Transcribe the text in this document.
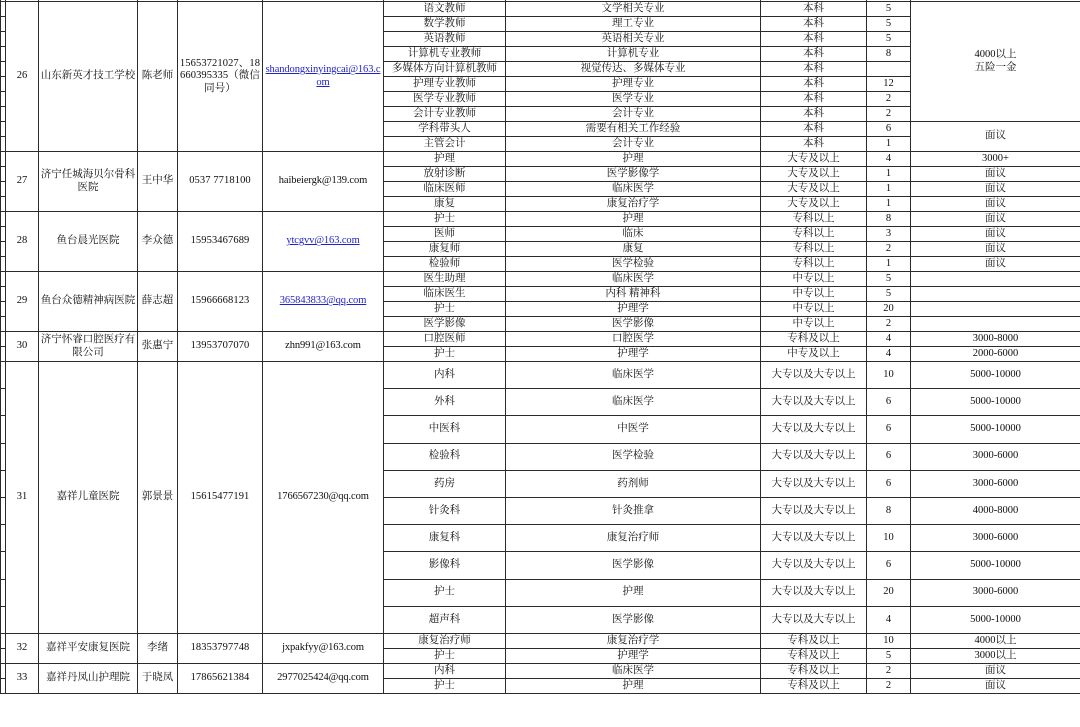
	26	山东新英才技工学校	陈老师	15653721027、18660395335（微信同号）	shandongxinyingcai@163.com	语文教师	文学相关专业	本科	5	4000以上
五险一金
						数学教师	理工专业	本科	5	
						英语教师	英语相关专业	本科	5	
						计算机专业教师	计算机专业	本科	8	
						多媒体方向计算机教师	视觉传达、多媒体专业	本科		
						护理专业教师	护理专业	本科	12	
						医学专业教师	医学专业	本科	2	
						会计专业教师	会计专业	本科	2	
						学科带头人	需要有相关工作经验	本科	6	面议
						主管会计	会计专业	本科	1	
	27	济宁任城海贝尔骨科医院	王中华	0537 7718100	haibeiergk@139.com	护理	护理	大专及以上	4	3000+
						放射诊断	医学影像学	大专及以上	1	面议
						临床医师	临床医学	大专及以上	1	面议
						康复	康复治疗学	大专及以上	1	面议
	28	鱼台晨光医院	李众德	15953467689	ytcgvv@163.com	护士	护理	专科以上	8	面议
						医师	临床	专科以上	3	面议
						康复师	康复	专科以上	2	面议
						检验师	医学检验	专科以上	1	面议
	29	鱼台众德精神病医院	薛志超	15966668123	365843833@qq.com	医生助理	临床医学	中专以上	5	
						临床医生	内科 精神科	中专以上	5	
						护士	护理学	中专以上	20	
						医学影像	医学影像	中专以上	2	
	30	济宁怀睿口腔医疗有限公司	张惠宁	13953707070	zhn991@163.com	口腔医师	口腔医学	专科及以上	4	3000-8000
						护士	护理学	中专及以上	4	2000-6000
	31	嘉祥儿童医院	郭景景	15615477191	1766567230@qq.com	内科	临床医学	大专以及大专以上	10	5000-10000
						外科	临床医学	大专以及大专以上	6	5000-10000
						中医科	中医学	大专以及大专以上	6	5000-10000
						检验科	医学检验	大专以及大专以上	6	3000-6000
						药房	药剂师	大专以及大专以上	6	3000-6000
						针灸科	针灸推拿	大专以及大专以上	8	4000-8000
						康复科	康复治疗师	大专以及大专以上	10	3000-6000
						影像科	医学影像	大专以及大专以上	6	5000-10000
						护士	护理	大专以及大专以上	20	3000-6000
						超声科	医学影像	大专以及大专以上	4	5000-10000
	32	嘉祥平安康复医院	李绪	18353797748	jxpakfyy@163.com	康复治疗师	康复治疗学	专科及以上	10	4000以上
						护士	护理学	专科及以上	5	3000以上
	33	嘉祥丹凤山护理院	于晓凤	17865621384	2977025424@qq.com	内科	临床医学	专科及以上	2	面议
						护士	护理	专科及以上	2	面议
